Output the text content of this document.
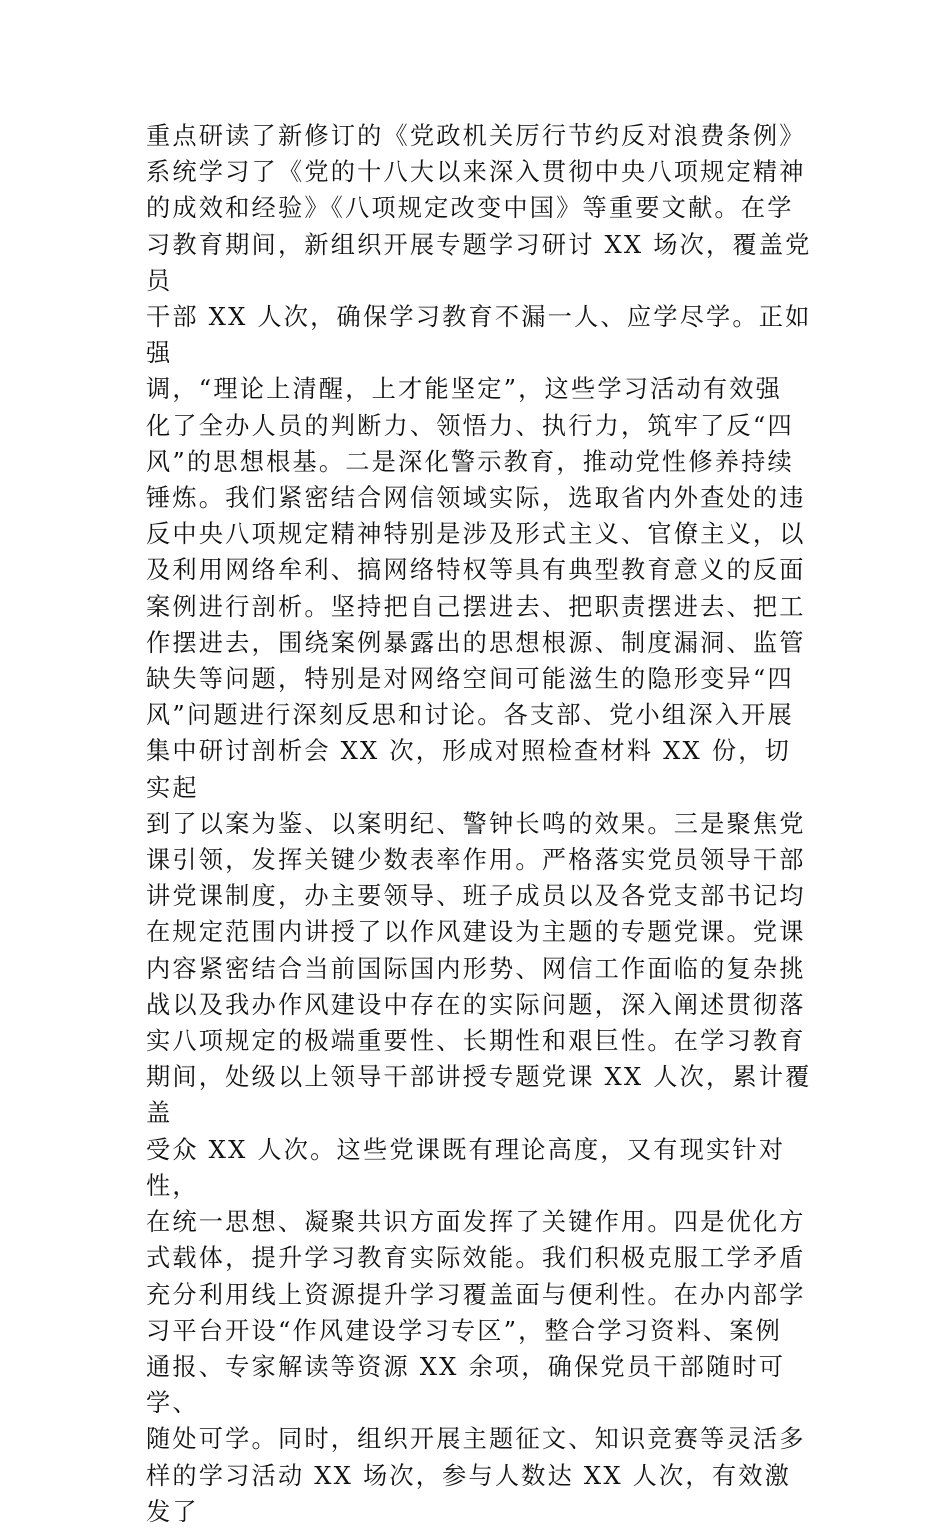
重点研读了新修订的《党政机关厉行节约反对浪费条例》
系统学习了《党的十八大以来深入贯彻中央八项规定精神
的成效和经验》《八项规定改变中国》等重要文献。在学
习教育期间，新组织开展专题学习研讨 XX 场次，覆盖党员
干部 XX 人次，确保学习教育不漏一人、应学尽学。正如强
调，“理论上清醒，上才能坚定”，这些学习活动有效强
化了全办人员的判断力、领悟力、执行力，筑牢了反“四
风”的思想根基。二是深化警示教育，推动党性修养持续
锤炼。我们紧密结合网信领域实际，选取省内外查处的违
反中央八项规定精神特别是涉及形式主义、官僚主义，以
及利用网络牟利、搞网络特权等具有典型教育意义的反面
案例进行剖析。坚持把自己摆进去、把职责摆进去、把工
作摆进去，围绕案例暴露出的思想根源、制度漏洞、监管
缺失等问题，特别是对网络空间可能滋生的隐形变异“四
风”问题进行深刻反思和讨论。各支部、党小组深入开展
集中研讨剖析会 XX 次，形成对照检查材料 XX 份，切实起
到了以案为鉴、以案明纪、警钟长鸣的效果。三是聚焦党
课引领，发挥关键少数表率作用。严格落实党员领导干部
讲党课制度，办主要领导、班子成员以及各党支部书记均
在规定范围内讲授了以作风建设为主题的专题党课。党课
内容紧密结合当前国际国内形势、网信工作面临的复杂挑
战以及我办作风建设中存在的实际问题，深入阐述贯彻落
实八项规定的极端重要性、长期性和艰巨性。在学习教育
期间，处级以上领导干部讲授专题党课 XX 人次，累计覆盖
受众 XX 人次。这些党课既有理论高度，又有现实针对性，
在统一思想、凝聚共识方面发挥了关键作用。四是优化方
式载体，提升学习教育实际效能。我们积极克服工学矛盾
充分利用线上资源提升学习覆盖面与便利性。在办内部学
习平台开设“作风建设学习专区”，整合学习资料、案例
通报、专家解读等资源 XX 余项，确保党员干部随时可学、
随处可学。同时，组织开展主题征文、知识竞赛等灵活多
样的学习活动 XX 场次，参与人数达 XX 人次，有效激发了
